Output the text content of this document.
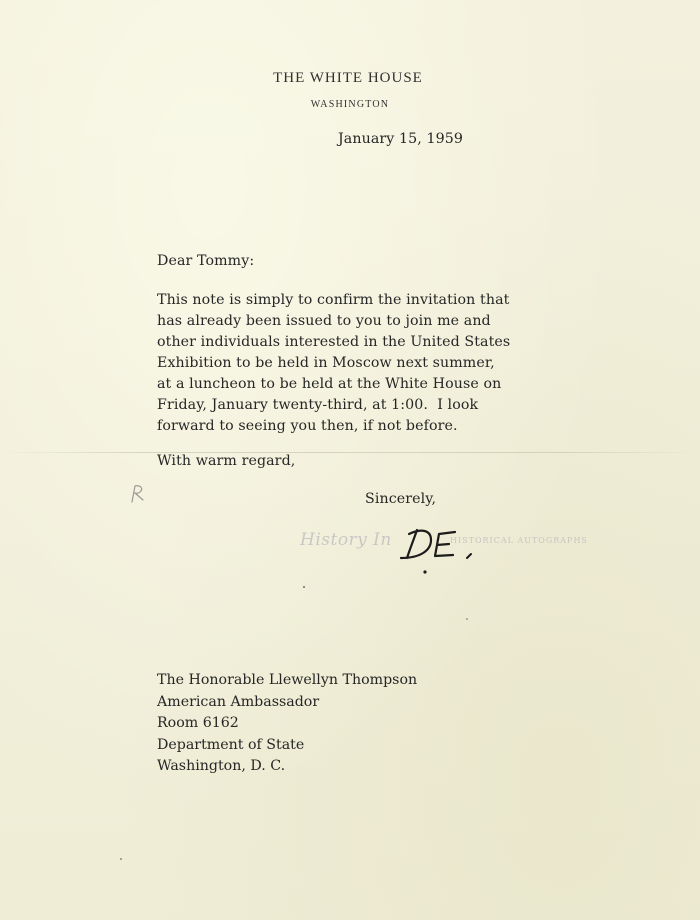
THE WHITE HOUSE
WASHINGTON
January 15, 1959
Dear Tommy:
This note is simply to confirm the invitation that
has already been issued to you to join me and
other individuals interested in the United States
Exhibition to be held in Moscow next summer,
at a luncheon to be held at the White House on
Friday, January twenty-third, at 1:00.  I look
forward to seeing you then, if not before.
With warm regard,
Sincerely,
History In	HISTORICAL AUTOGRAPHS
The Honorable Llewellyn Thompson
American Ambassador
Room 6162
Department of State
Washington, D. C.
